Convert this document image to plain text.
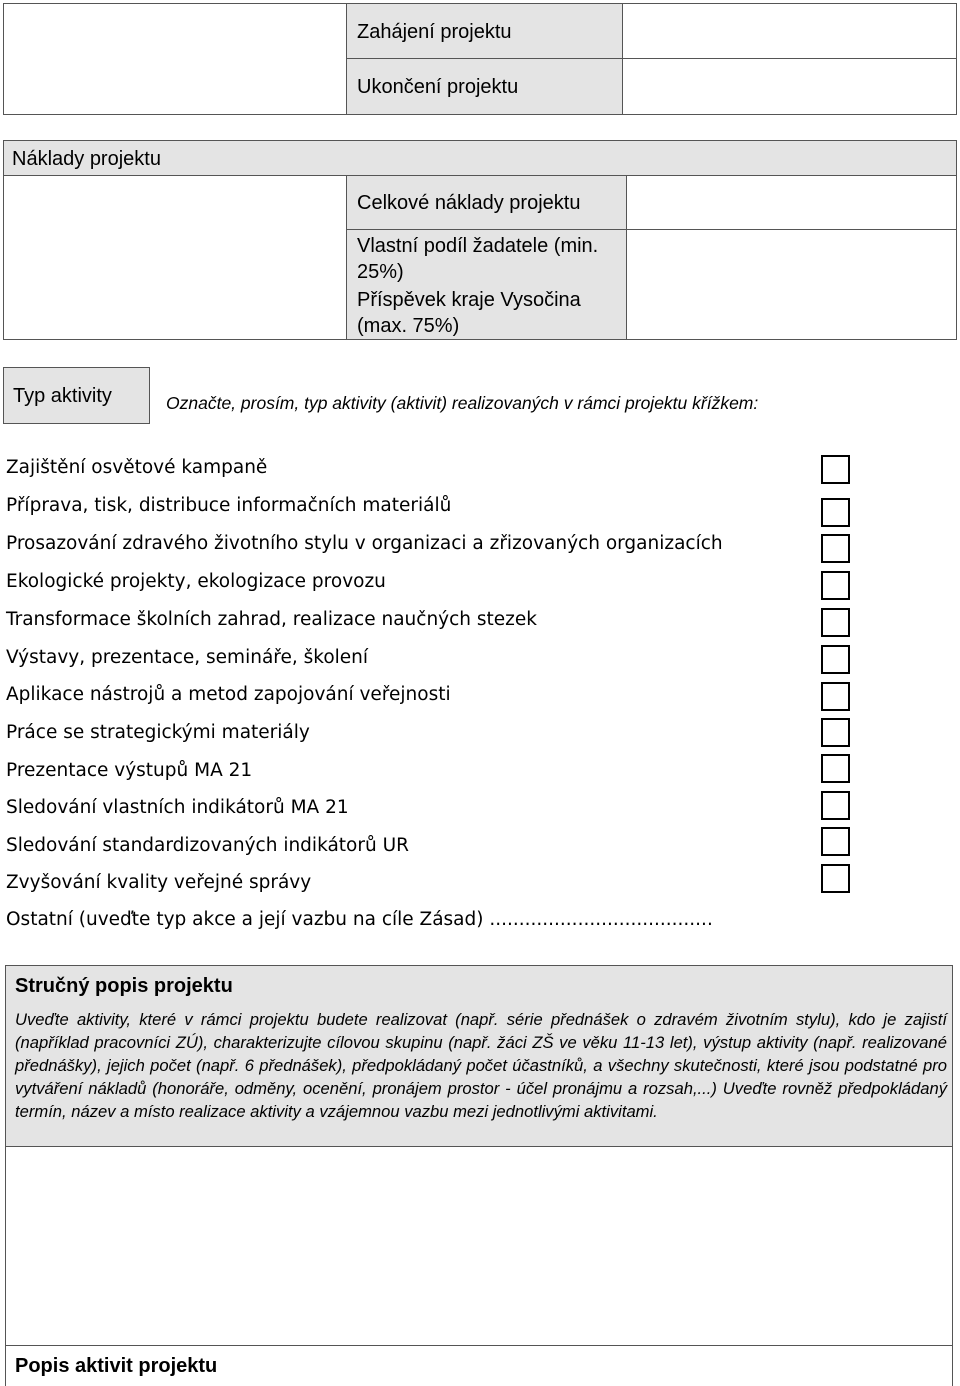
Zahájení projektu
Ukončení projektu
Náklady projektu
Celkové náklady projektu
Vlastní podíl žadatele (min. 25%)
Příspěvek kraje Vysočina (max. 75%)
Typ aktivity	Označte, prosím, typ aktivity (aktivit) realizovaných v rámci projektu křížkem:
Zajištění osvětové kampaně
Příprava, tisk, distribuce informačních materiálů
Prosazování zdravého životního stylu v organizaci a zřizovaných organizacích
Ekologické projekty, ekologizace provozu
Transformace školních zahrad, realizace naučných stezek
Výstavy, prezentace, semináře, školení
Aplikace nástrojů a metod zapojování veřejnosti
Práce se strategickými materiály
Prezentace výstupů MA 21
Sledování vlastních indikátorů MA 21
Sledování standardizovaných indikátorů UR
Zvyšování kvality veřejné správy
Ostatní (uveďte typ akce a její vazbu na cíle Zásad) ......................................
Stručný popis projektu
Uveďte aktivity, které v rámci projektu budete realizovat (např. série přednášek o zdravém životním stylu), kdo je zajistí (například pracovníci ZÚ), charakterizujte cílovou skupinu (např. žáci ZŠ ve věku 11-13 let), výstup aktivity (např. realizované přednášky), jejich počet (např. 6 přednášek), předpokládaný počet účastníků, a všechny skutečnosti, které jsou podstatné pro vytváření nákladů (honoráře, odměny, ocenění, pronájem prostor - účel pronájmu a rozsah,...) Uveďte rovněž předpokládaný termín, název a místo realizace aktivity a vzájemnou vazbu mezi jednotlivými aktivitami.
Popis aktivit projektu
